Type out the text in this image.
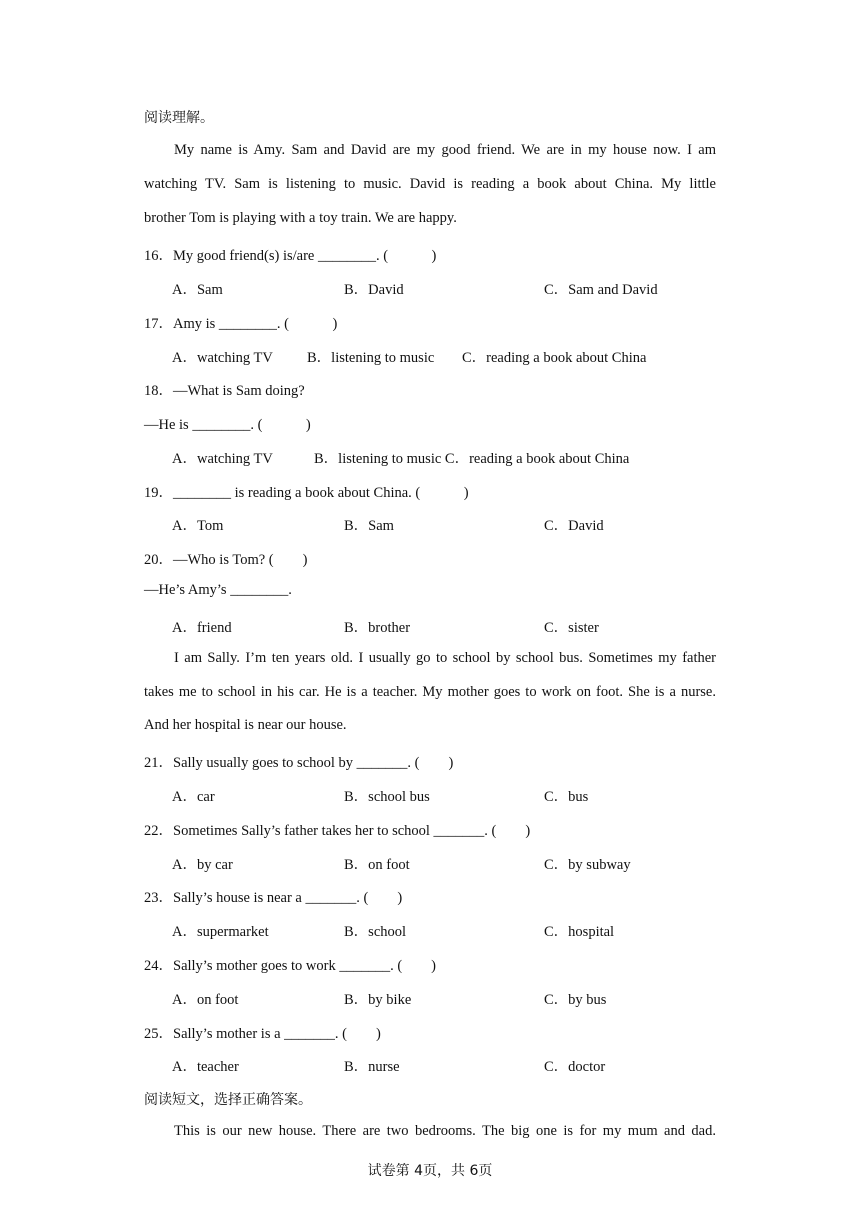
阅读理解。
My name is Amy. Sam and David are my good friend. We are in my house now. I am
watching TV. Sam is listening to music. David is reading a book about China. My little
brother Tom is playing with a toy train. We are happy.
16．My good friend(s) is/are ________. (　　　)
A．Sam	B．David	C．Sam and David
17．Amy is ________. (　　　)
A．watching TV B．listening to music C．reading a book about China
18．—What is Sam doing?
—He is ________. (　　　)
A．watching TV	B．listening to music C．reading a book about China
19．________ is reading a book about China. (　　　)
A．Tom	B．Sam	C．David
20．—Who is Tom? (　　)
—He’s Amy’s ________.
A．friend	B．brother	C．sister
I am Sally. I’m ten years old. I usually go to school by school bus. Sometimes my father
takes me to school in his car. He is a teacher. My mother goes to work on foot. She is a nurse.
And her hospital is near our house.
21．Sally usually goes to school by _______. (　　)
A．car	B．school bus	C．bus
22．Sometimes Sally’s father takes her to school _______. (　　)
A．by car	B．on foot	C．by subway
23．Sally’s house is near a _______. (　　)
A．supermarket	B．school	C．hospital
24．Sally’s mother goes to work _______. (　　)
A．on foot	B．by bike	C．by bus
25．Sally’s mother is a _______. (　　)
A．teacher	B．nurse	C．doctor
阅读短文，选择正确答案。
This is our new house. There are two bedrooms. The big one is for my mum and dad.
试卷第 4页，共 6页
